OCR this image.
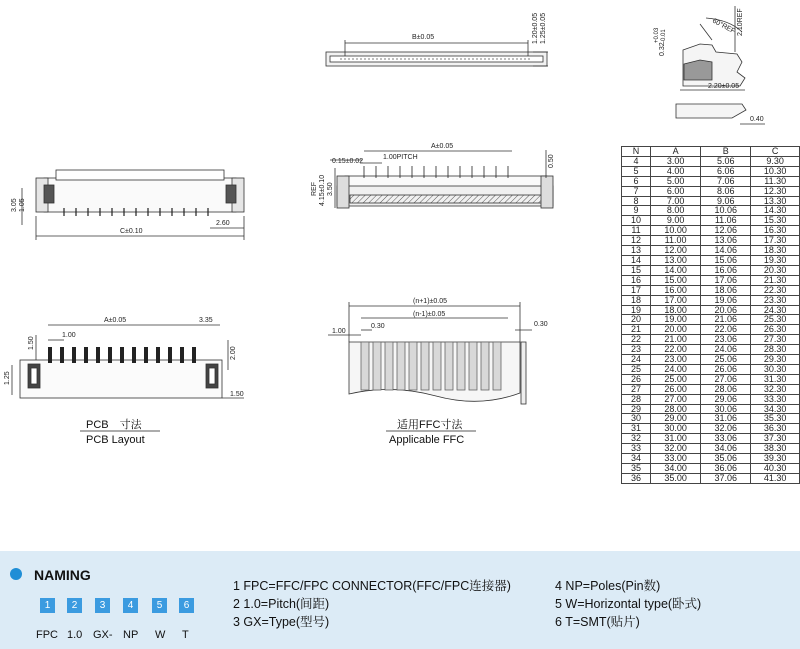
B±0.05	1.20±0.05 1.25±0.05	60°REF
+0.03 -0.01
0.32
2.10REF
2.20±0.05
0.40
3.05 1.05
C±0.10
2.60
A±0.05
1.00PITCH
0.15±0.02	0.50
REF 4.15±0.10 3.50
A±0.05	3.35
1.00
1.50
2.00
1.25
1.50
(n+1)±0.05
(n-1)±0.05
1.00
0.30	0.30
PCB　寸法
PCB Layout
适用FFC寸法
Applicable FFC
N	A	B	C
4	3.00	5.06	9.30
5	4.00	6.06	10.30
6	5.00	7.06	11.30
7	6.00	8.06	12.30
8	7.00	9.06	13.30
9	8.00	10.06	14.30
10	9.00	11.06	15.30
11	10.00	12.06	16.30
12	11.00	13.06	17.30
13	12.00	14.06	18.30
14	13.00	15.06	19.30
15	14.00	16.06	20.30
16	15.00	17.06	21.30
17	16.00	18.06	22.30
18	17.00	19.06	23.30
19	18.00	20.06	24.30
20	19.00	21.06	25.30
21	20.00	22.06	26.30
22	21.00	23.06	27.30
23	22.00	24.06	28.30
24	23.00	25.06	29.30
25	24.00	26.06	30.30
26	25.00	27.06	31.30
27	26.00	28.06	32.30
28	27.00	29.06	33.30
29	28.00	30.06	34.30
30	29.00	31.06	35.30
31	30.00	32.06	36.30
32	31.00	33.06	37.30
33	32.00	34.06	38.30
34	33.00	35.06	39.30
35	34.00	36.06	40.30
36	35.00	37.06	41.30
NAMING
1	2	3	4	5	6
FPC 1.0 GX- NP W T
1 FPC=FFC/FPC CONNECTOR(FFC/FPC连接器)
2 1.0=Pitch(间距)
3 GX=Type(型号)
4 NP=Poles(Pin数)
5 W=Horizontal type(卧式)
6 T=SMT(贴片)
